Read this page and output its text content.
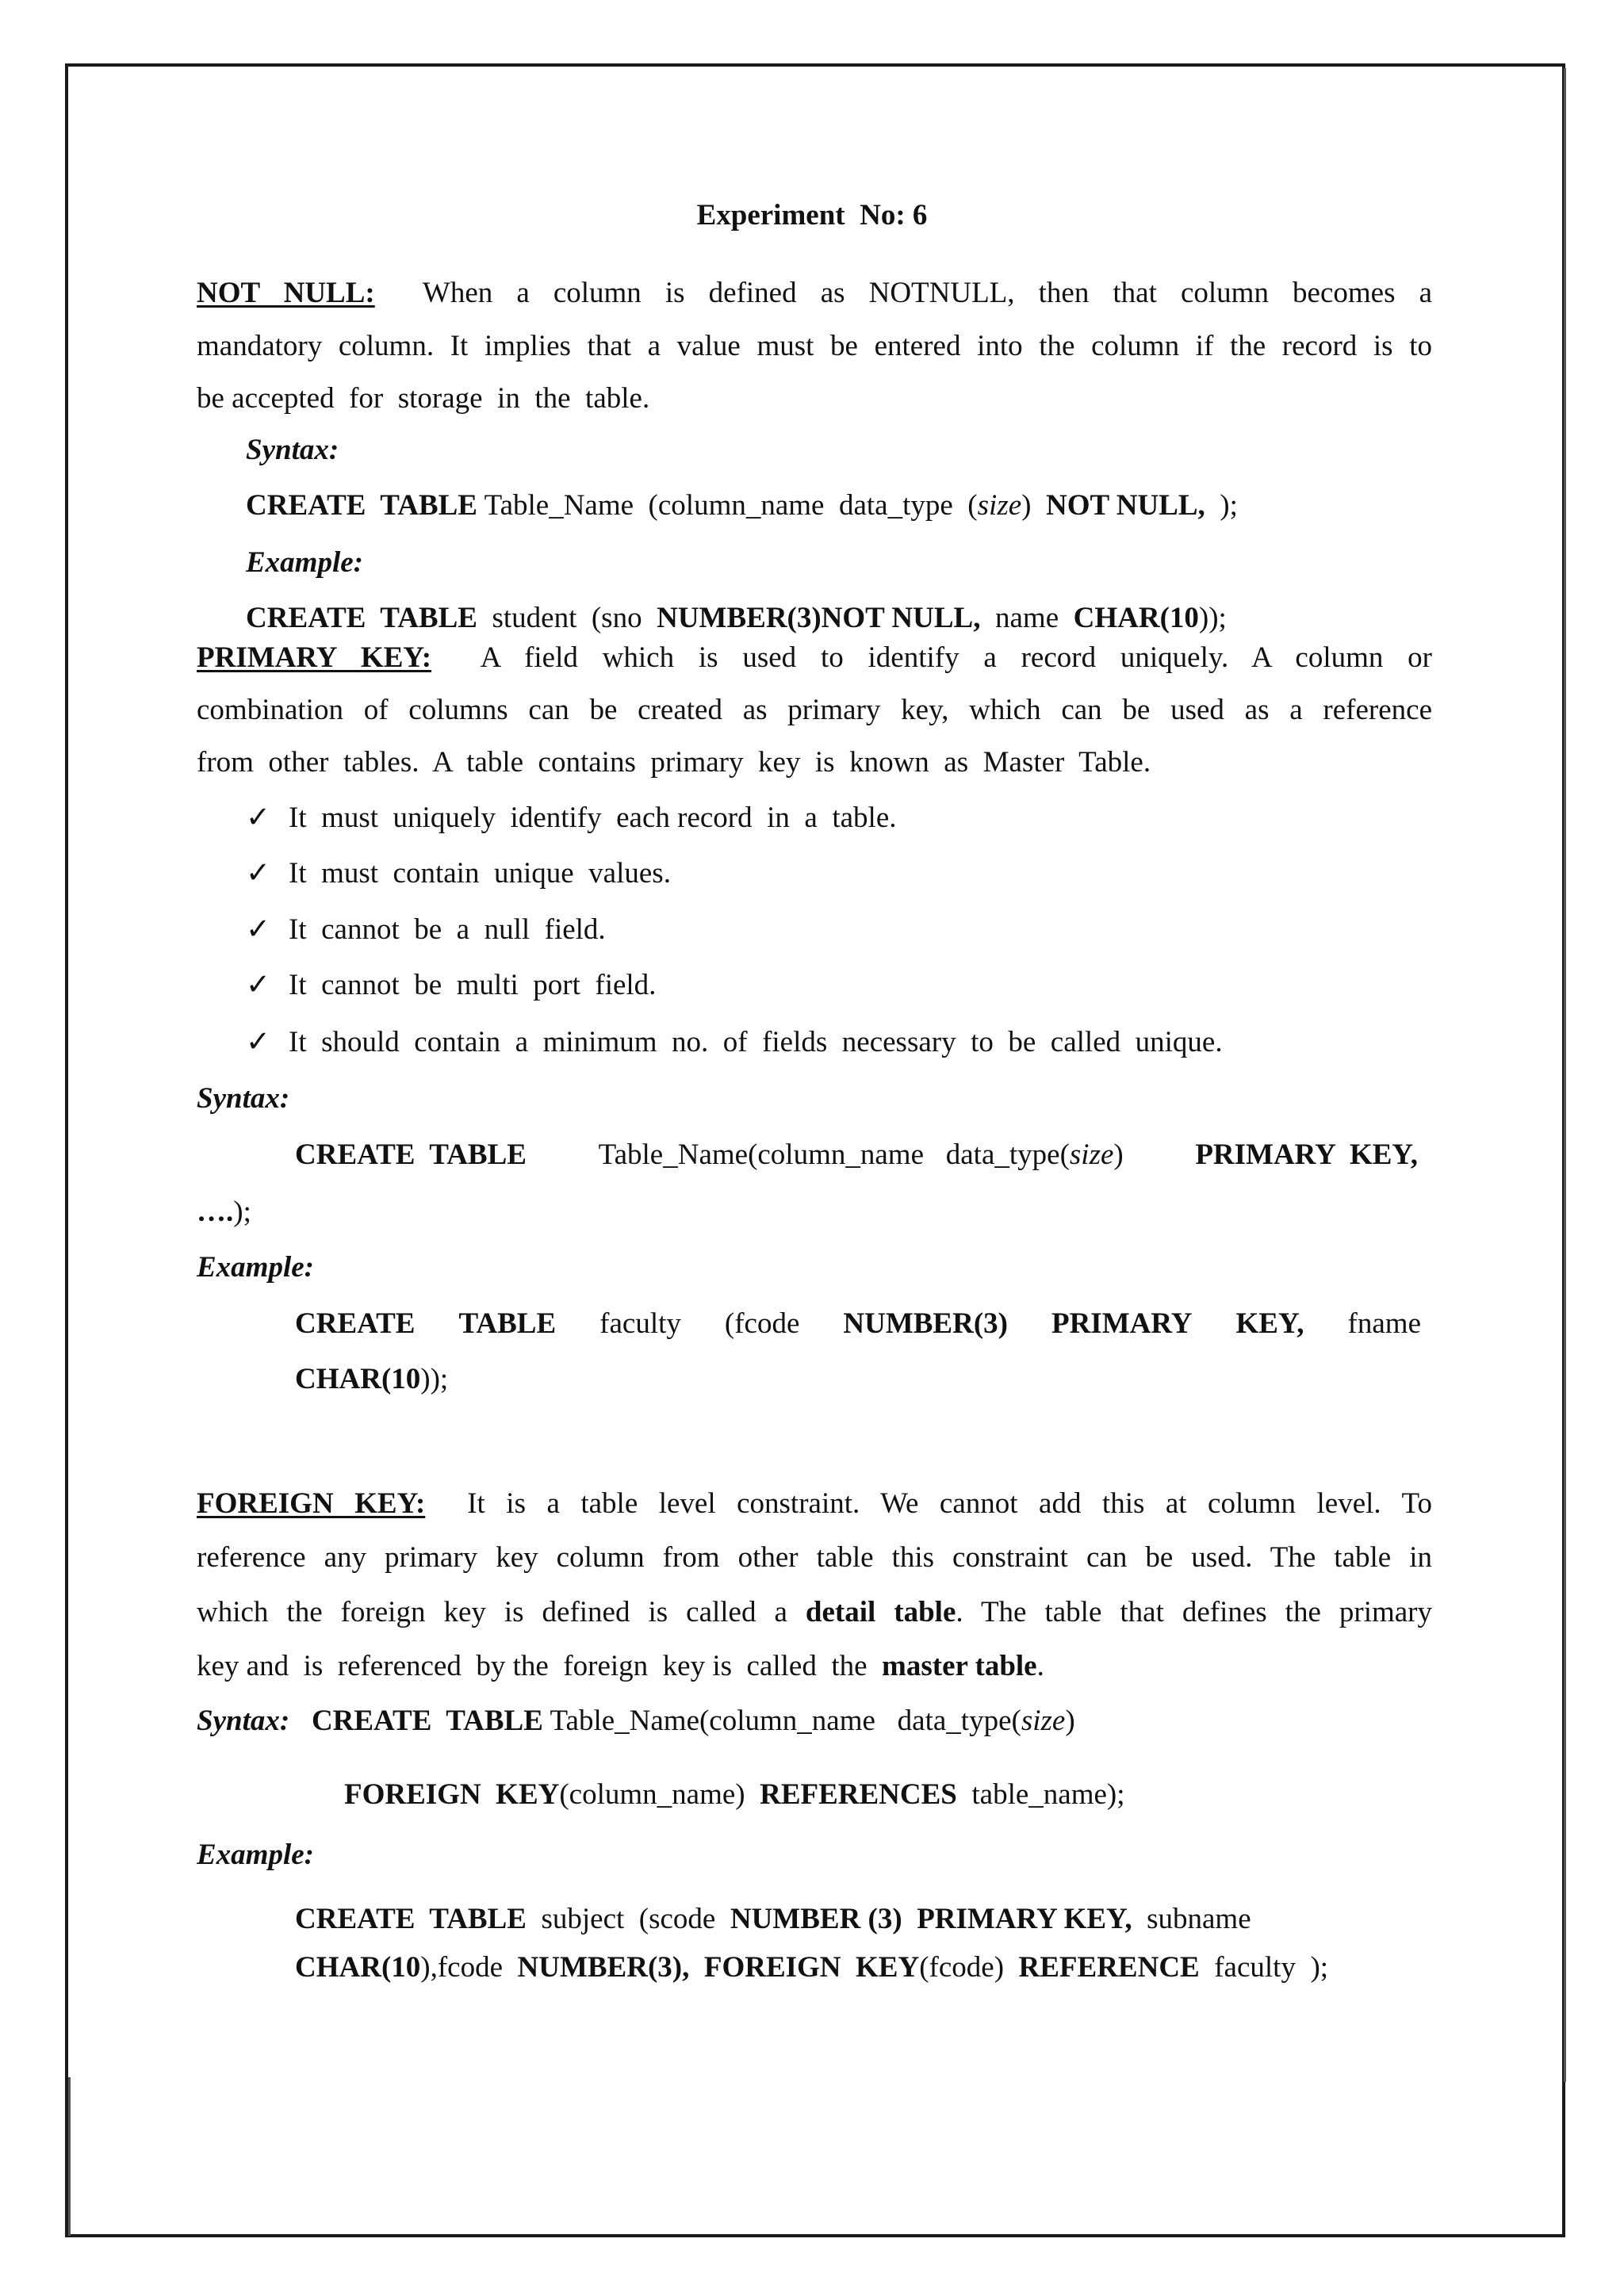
Experiment  No: 6
NOT NULL: When a column is defined as NOTNULL, then that column becomes a
mandatory column. It implies that a value must be entered into the column if the record is to
be accepted  for  storage  in  the  table.
Syntax:
CREATE  TABLE Table_Name  (column_name  data_type  (size)  NOT NULL,  );
Example:
CREATE  TABLE  student  (sno  NUMBER(3)NOT NULL,  name  CHAR(10));
PRIMARY KEY: A field which is used to identify a record uniquely. A column or
combination of columns can be created as primary key, which can be used as a reference
from  other  tables.  A  table  contains  primary  key  is  known  as  Master  Table.
✓ It  must  uniquely  identify  each record  in  a  table.
✓ It  must  contain  unique  values.
✓ It  cannot  be  a  null  field.
✓ It  cannot  be  multi  port  field.
✓ It  should  contain  a  minimum  no.  of  fields  necessary  to  be  called  unique.
Syntax:
CREATE  TABLE Table_Name(column_name   data_type(size) PRIMARY  KEY,
….);
Example:
CREATE TABLE faculty (fcode NUMBER(3) PRIMARY KEY, fname
CHAR(10));
FOREIGN KEY: It is a table level constraint. We cannot add this at column level. To
reference any primary key column from other table this constraint can be used. The table in
which the foreign key is defined is called a detail table. The table that defines the primary
key and  is  referenced  by the  foreign  key is  called  the  master table.
Syntax: CREATE  TABLE Table_Name(column_name   data_type(size)
FOREIGN  KEY(column_name)  REFERENCES  table_name);
Example:
CREATE  TABLE  subject  (scode  NUMBER (3)  PRIMARY KEY,  subname
CHAR(10),fcode  NUMBER(3),  FOREIGN  KEY(fcode)  REFERENCE  faculty  );
